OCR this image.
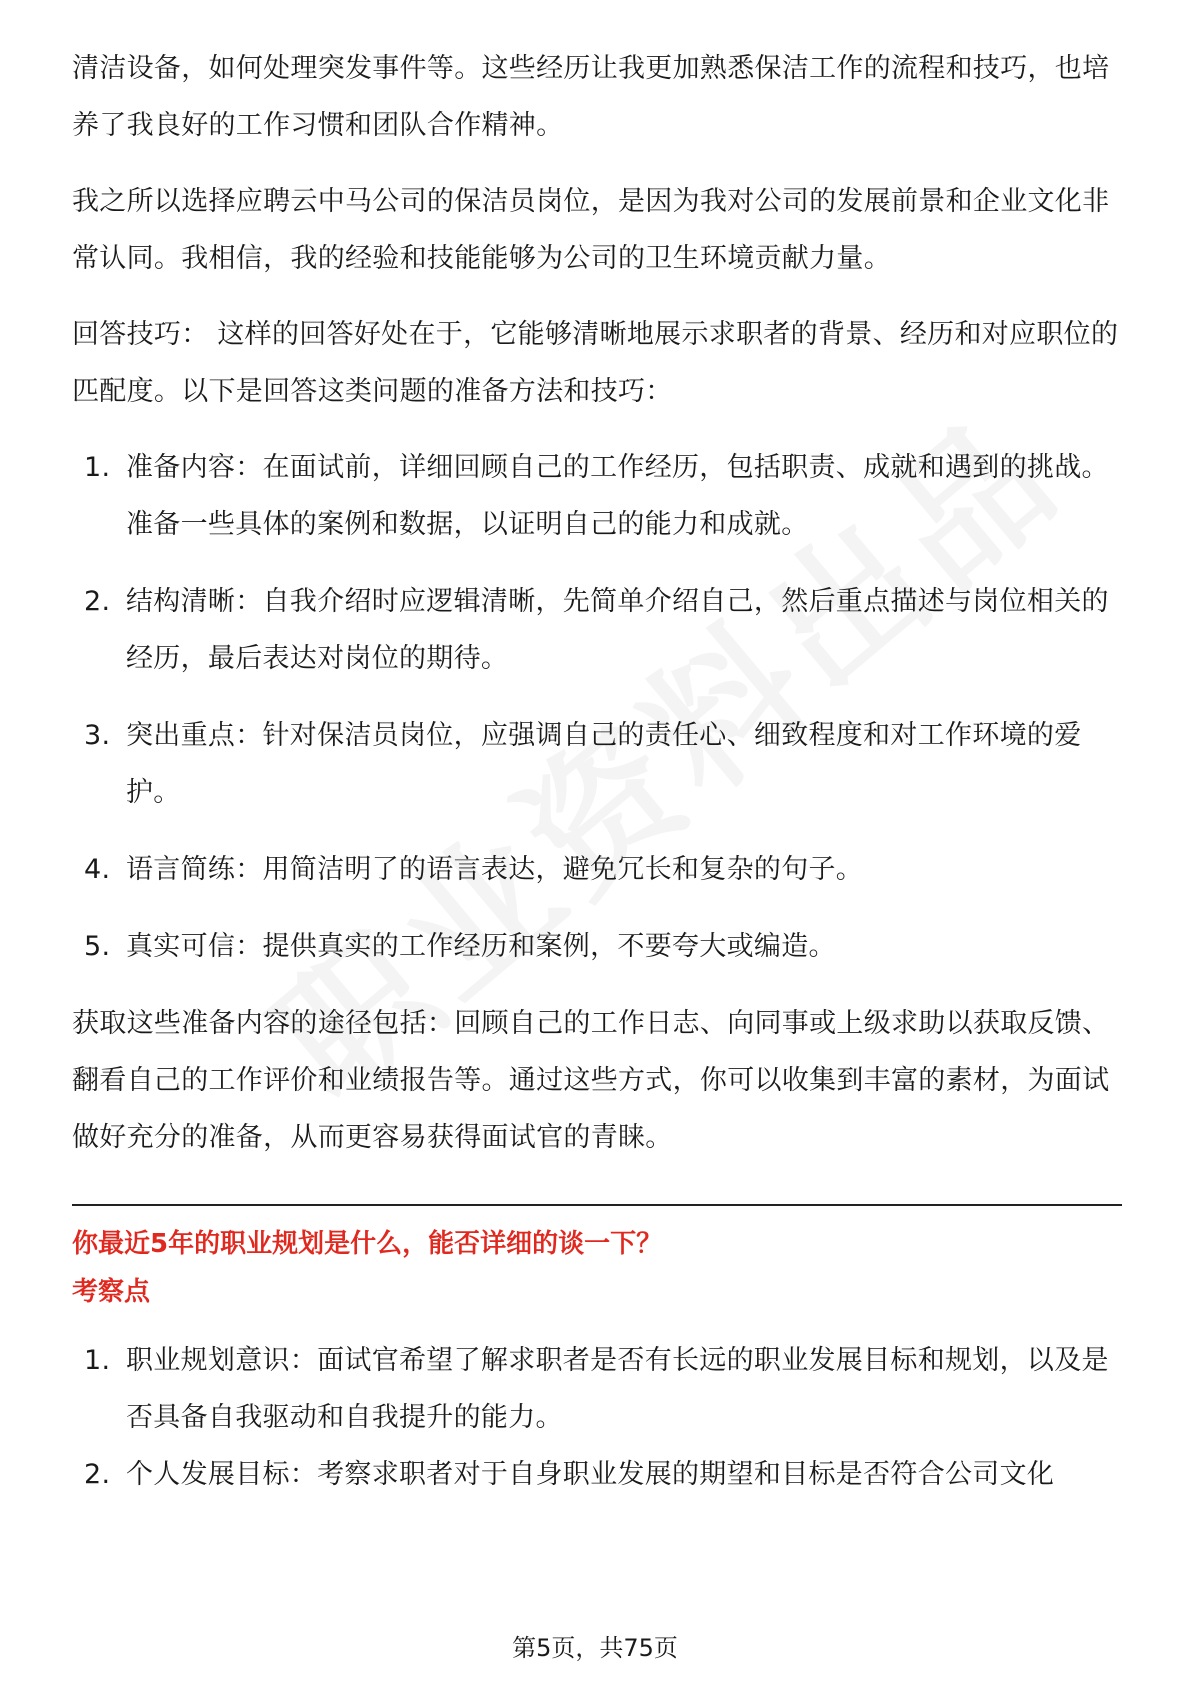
清洁设备，如何处理突发事件等。这些经历让我更加熟悉保洁工作的流程和技巧，也培养了我良好的工作习惯和团队合作精神。

我之所以选择应聘云中马公司的保洁员岗位，是因为我对公司的发展前景和企业文化非常认同。我相信，我的经验和技能能够为公司的卫生环境贡献力量。

回答技巧： 这样的回答好处在于，它能够清晰地展示求职者的背景、经历和对应职位的匹配度。以下是回答这类问题的准备方法和技巧：

1. 准备内容：在面试前，详细回顾自己的工作经历，包括职责、成就和遇到的挑战。准备一些具体的案例和数据，以证明自己的能力和成就。
2. 结构清晰：自我介绍时应逻辑清晰，先简单介绍自己，然后重点描述与岗位相关的经历，最后表达对岗位的期待。
3. 突出重点：针对保洁员岗位，应强调自己的责任心、细致程度和对工作环境的爱护。
4. 语言简练：用简洁明了的语言表达，避免冗长和复杂的句子。
5. 真实可信：提供真实的工作经历和案例，不要夸大或编造。

获取这些准备内容的途径包括：回顾自己的工作日志、向同事或上级求助以获取反馈、翻看自己的工作评价和业绩报告等。通过这些方式，你可以收集到丰富的素材，为面试做好充分的准备，从而更容易获得面试官的青睐。

你最近5年的职业规划是什么，能否详细的谈一下？

考察点

1. 职业规划意识：面试官希望了解求职者是否有长远的职业发展目标和规划，以及是否具备自我驱动和自我提升的能力。
2. 个人发展目标：考察求职者对于自身职业发展的期望和目标是否符合公司文化
第5页，共75页
